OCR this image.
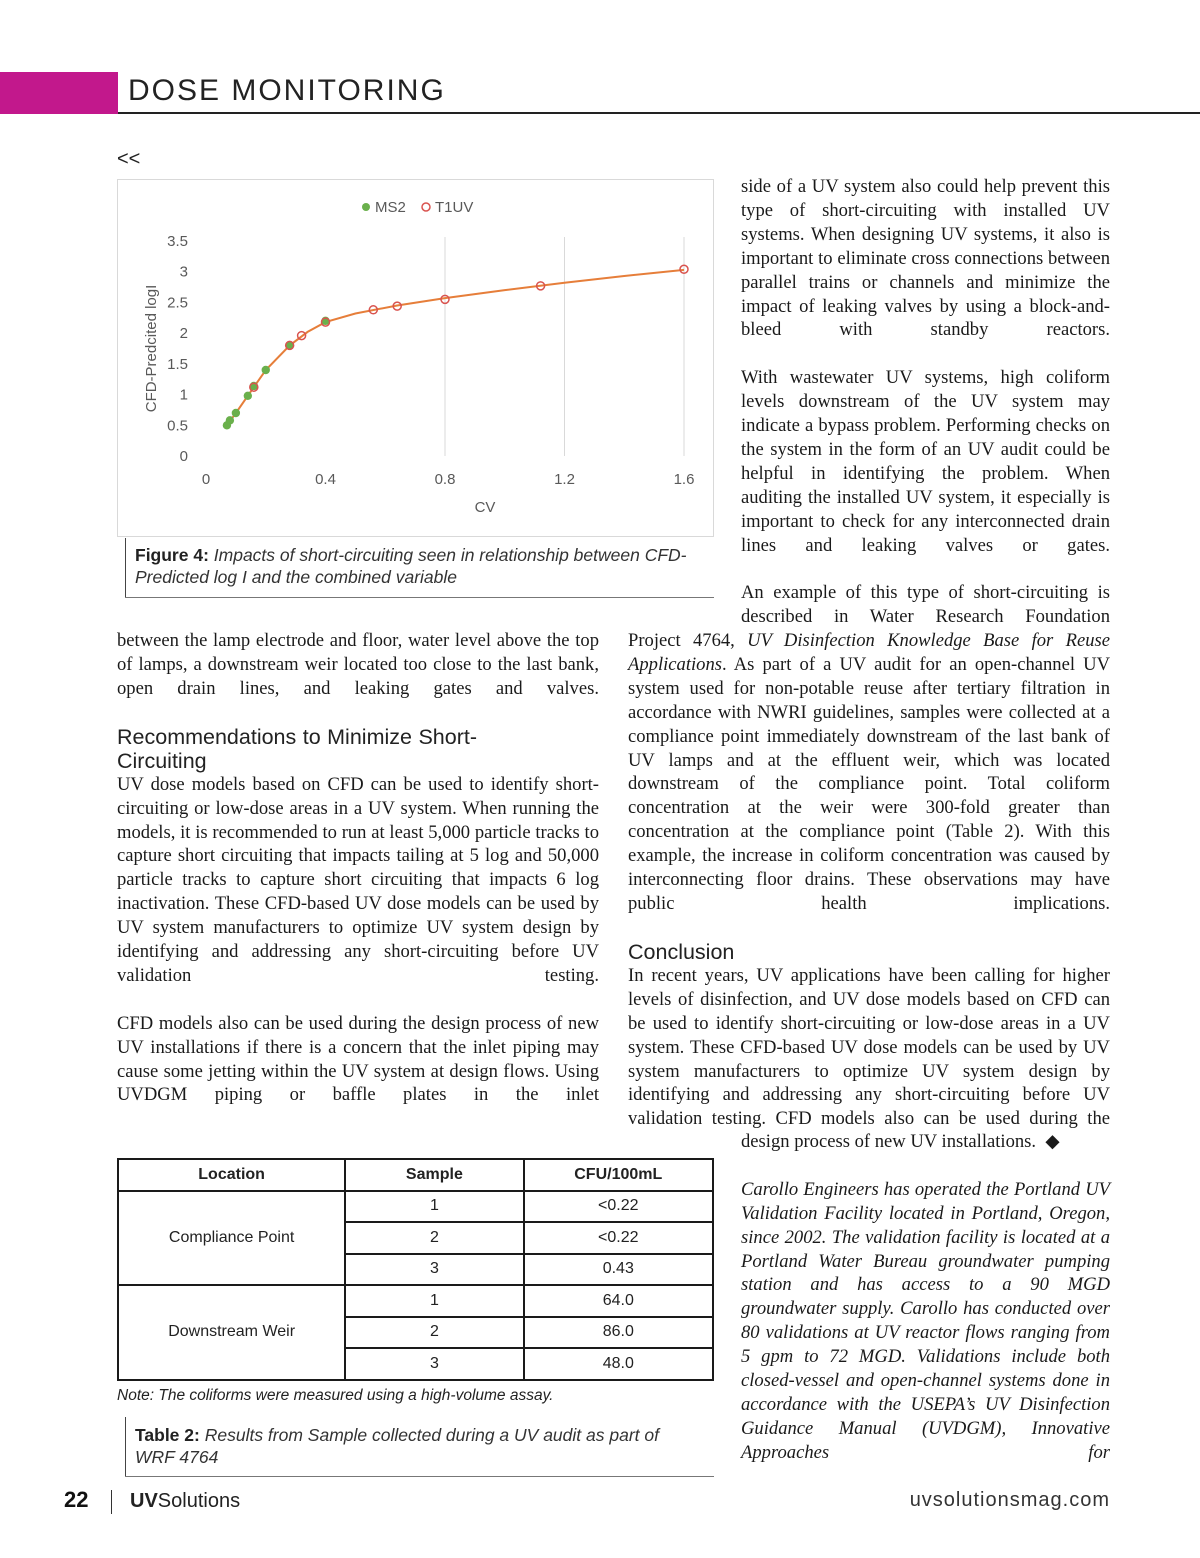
DOSE MONITORING
<<
0	0.4	0.8	1.2	1.6
0
0.5
1
1.5
2
2.5
3
3.5
CV
CFD-Predcited logI
MS2 T1UV
Figure 4: Impacts of short-circuiting seen in relationship between CFD-Predicted log I and the combined variable

side of a UV system also could help prevent this type of short-circuiting with installed UV systems. When designing UV systems, it also is important to eliminate cross connections between parallel trains or channels and minimize the impact of leaking valves by using a block-and-bleed with standby reactors.

With wastewater UV systems, high coliform levels downstream of the UV system may indicate a bypass problem. Performing checks on the system in the form of an UV audit could be helpful in identifying the problem. When auditing the installed UV system, it especially is important to check for any interconnected drain lines and leaking valves or gates.

An example of this type of short-circuiting is described in Water Research Foundation

between the lamp electrode and floor, water level above the top of lamps, a downstream weir located too close to the last bank, open drain lines, and leaking gates and valves.

Recommendations to Minimize Short-Circuiting

UV dose models based on CFD can be used to identify short-circuiting or low-dose areas in a UV system. When running the models, it is recommended to run at least 5,000 particle tracks to capture short circuiting that impacts tailing at 5 log and 50,000 particle tracks to capture short circuiting that impacts 6 log inactivation. These CFD-based UV dose models can be used by UV system manufacturers to optimize UV system design by identifying and addressing any short-circuiting before UV validation testing.

CFD models also can be used during the design process of new UV installations if there is a concern that the inlet piping may cause some jetting within the UV system at design flows. Using UVDGM piping or baffle plates in the inlet

Project 4764, UV Disinfection Knowledge Base for Reuse Applications. As part of a UV audit for an open-channel UV system used for non-potable reuse after tertiary filtration in accordance with NWRI guidelines, samples were collected at a compliance point immediately downstream of the last bank of UV lamps and at the effluent weir, which was located downstream of the compliance point. Total coliform concentration at the weir were 300-fold greater than concentration at the compliance point (Table 2). With this example, the increase in coliform concentration was caused by interconnecting floor drains. These observations may have public health implications.

Conclusion

In recent years, UV applications have been calling for higher levels of disinfection, and UV dose models based on CFD can be used to identify short-circuiting or low-dose areas in a UV system. These CFD-based UV dose models can be used by UV system manufacturers to optimize UV system design by identifying and addressing any short-circuiting before UV validation testing. CFD models also can be used during the

design process of new UV installations. ◆

Carollo Engineers has operated the Portland UV Validation Facility located in Portland, Oregon, since 2002. The validation facility is located at a Portland Water Bureau groundwater pumping station and has access to a 90 MGD groundwater supply. Carollo has conducted over 80 validations at UV reactor flows ranging from 5 gpm to 72 MGD. Validations include both closed-vessel and open-channel systems done in accordance with the USEPA’s UV Disinfection Guidance Manual (UVDGM), Innovative Approaches for

Location	Sample	CFU/100mL
Compliance Point	1	<0.22
	2	<0.22
	3	0.43
Downstream Weir	1	64.0
	2	86.0
	3	48.0
Note: The coliforms were measured using a high-volume assay.
Table 2: Results from Sample collected during a UV audit as part of WRF 4764
22 UVSolutions	uvsolutionsmag.com
